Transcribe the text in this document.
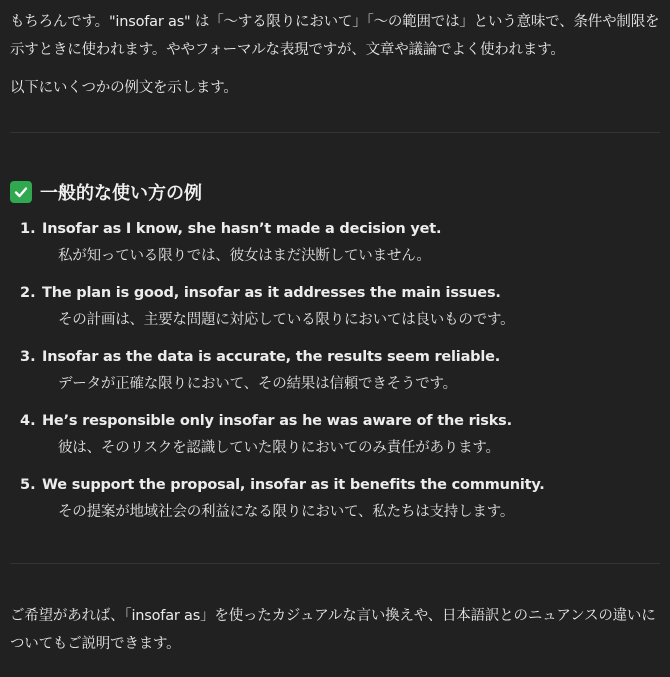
もちろんです。"insofar as" は「〜する限りにおいて」「〜の範囲では」という意味で、条件や制限を示すときに使われます。ややフォーマルな表現ですが、文章や議論でよく使われます。

以下にいくつかの例文を示します。

一般的な使い方の例
1. Insofar as I know, she hasn’t made a decision yet.
私が知っている限りでは、彼女はまだ決断していません。
2. The plan is good, insofar as it addresses the main issues.
その計画は、主要な問題に対応している限りにおいては良いものです。
3. Insofar as the data is accurate, the results seem reliable.
データが正確な限りにおいて、その結果は信頼できそうです。
4. He’s responsible only insofar as he was aware of the risks.
彼は、そのリスクを認識していた限りにおいてのみ責任があります。
5. We support the proposal, insofar as it benefits the community.
その提案が地域社会の利益になる限りにおいて、私たちは支持します。

ご希望があれば、「insofar as」を使ったカジュアルな言い換えや、日本語訳とのニュアンスの違いについてもご説明できます。
